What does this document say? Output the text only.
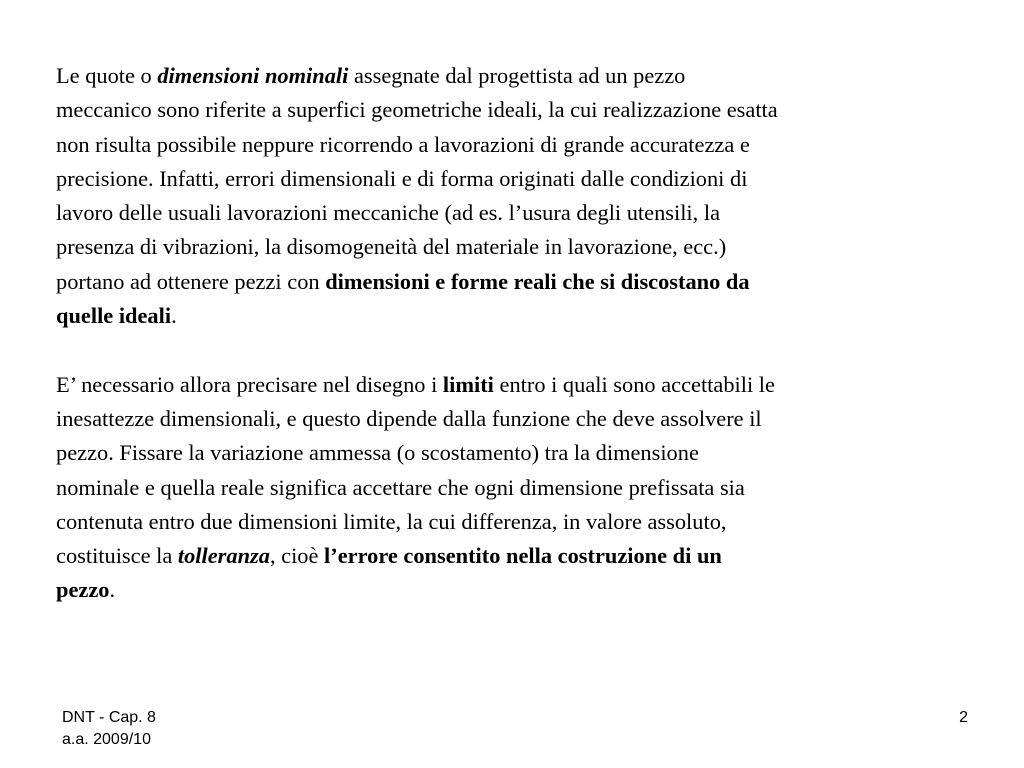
Le quote o dimensioni nominali assegnate dal progettista ad un pezzo

meccanico sono riferite a superfici geometriche ideali, la cui realizzazione esatta

non risulta possibile neppure ricorrendo a lavorazioni di grande accuratezza e

precisione. Infatti, errori dimensionali e di forma originati dalle condizioni di

lavoro delle usuali lavorazioni meccaniche (ad es. l’usura degli utensili, la

presenza di vibrazioni, la disomogeneità del materiale in lavorazione, ecc.)

portano ad ottenere pezzi con dimensioni e forme reali che si discostano da

quelle ideali.

E’ necessario allora precisare nel disegno i limiti entro i quali sono accettabili le

inesattezze dimensionali, e questo dipende dalla funzione che deve assolvere il

pezzo. Fissare la variazione ammessa (o scostamento) tra la dimensione

nominale e quella reale significa accettare che ogni dimensione prefissata sia

contenuta entro due dimensioni limite, la cui differenza, in valore assoluto,

costituisce la tolleranza, cioè l’errore consentito nella costruzione di un

pezzo.

DNT - Cap. 8
a.a. 2009/10
2
